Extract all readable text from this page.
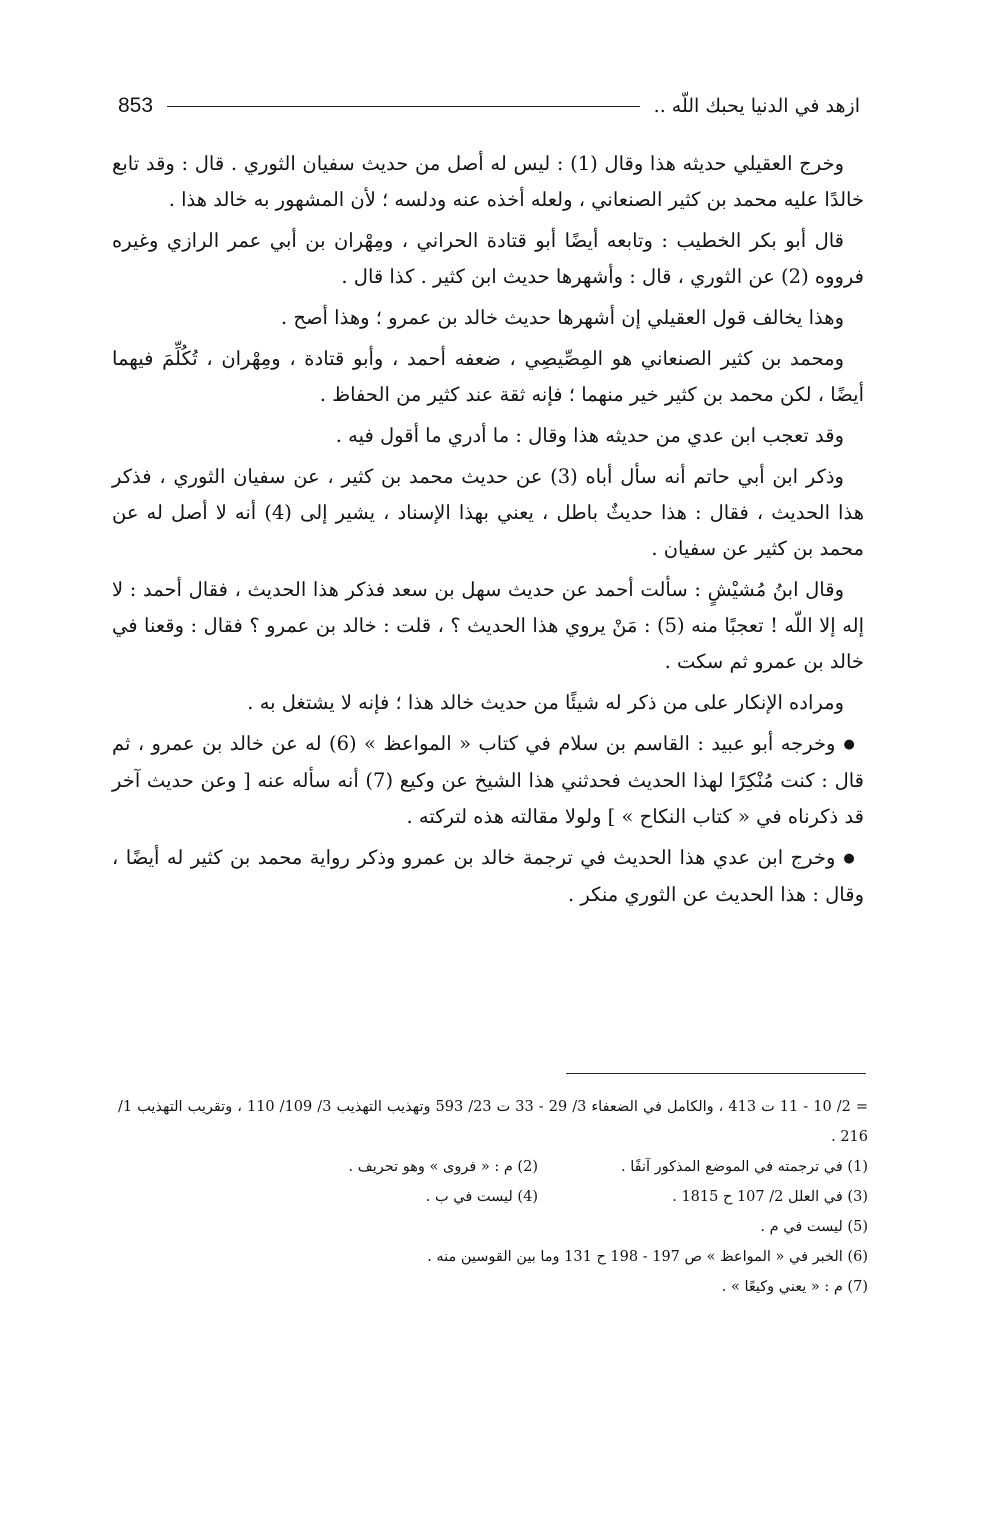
ازهد في الدنيا يحبك اللّه ..
853

وخرج العقيلي حديثه هذا وقال (1) : ليس له أصل من حديث سفيان الثوري . قال : وقد تابع خالدًا عليه محمد بن كثير الصنعاني ، ولعله أخذه عنه ودلسه ؛ لأن المشهور به خالد هذا .

قال أبو بكر الخطيب : وتابعه أيضًا أبو قتادة الحراني ، ومِهْران بن أبي عمر الرازي وغيره فرووه (2) عن الثوري ، قال : وأشهرها حديث ابن كثير . كذا قال .

وهذا يخالف قول العقيلي إن أشهرها حديث خالد بن عمرو ؛ وهذا أصح .

ومحمد بن كثير الصنعاني هو المِصِّيصِي ، ضعفه أحمد ، وأبو قتادة ، ومِهْران ، تُكُلِّمَ فيهما أيضًا ، لكن محمد بن كثير خير منهما ؛ فإنه ثقة عند كثير من الحفاظ .

وقد تعجب ابن عدي من حديثه هذا وقال : ما أدري ما أقول فيه .

وذكر ابن أبي حاتم أنه سأل أباه (3) عن حديث محمد بن كثير ، عن سفيان الثوري ، فذكر هذا الحديث ، فقال : هذا حديثٌ باطل ، يعني بهذا الإسناد ، يشير إلى (4) أنه لا أصل له عن محمد بن كثير عن سفيان .

وقال ابنُ مُشيْشٍ : سألت أحمد عن حديث سهل بن سعد فذكر هذا الحديث ، فقال أحمد : لا إله إلا اللّه ! تعجبًا منه (5) : مَنْ يروي هذا الحديث ؟ ، قلت : خالد بن عمرو ؟ فقال : وقعنا في خالد بن عمرو ثم سكت .

ومراده الإنكار على من ذكر له شيئًا من حديث خالد هذا ؛ فإنه لا يشتغل به .

● وخرجه أبو عبيد : القاسم بن سلام في كتاب « المواعظ » (6) له عن خالد بن عمرو ، ثم قال : كنت مُنْكِرًا لهذا الحديث فحدثني هذا الشيخ عن وكيع (7) أنه سأله عنه [ وعن حديث آخر قد ذكرناه في « كتاب النكاح » ] ولولا مقالته هذه لتركته .

● وخرج ابن عدي هذا الحديث في ترجمة خالد بن عمرو وذكر رواية محمد بن كثير له أيضًا ، وقال : هذا الحديث عن الثوري منكر .

= 2/ 10 - 11 ت 413 ، والكامل في الضعفاء 3/ 29 - 33 ت 23/ 593 وتهذيب التهذيب 3/ 109/ 110 ، وتقريب التهذيب 1/ 216 .
(1) في ترجمته في الموضع المذكور آنفًا .
(2) م : « فروى » وهو تحريف .
(3) في العلل 2/ 107 ح 1815 .
(4) ليست في ب .
(5) ليست في م .
(6) الخبر في « المواعظ » ص 197 - 198 ح 131 وما بين القوسين منه .
(7) م : « يعني وكيعًا » .
